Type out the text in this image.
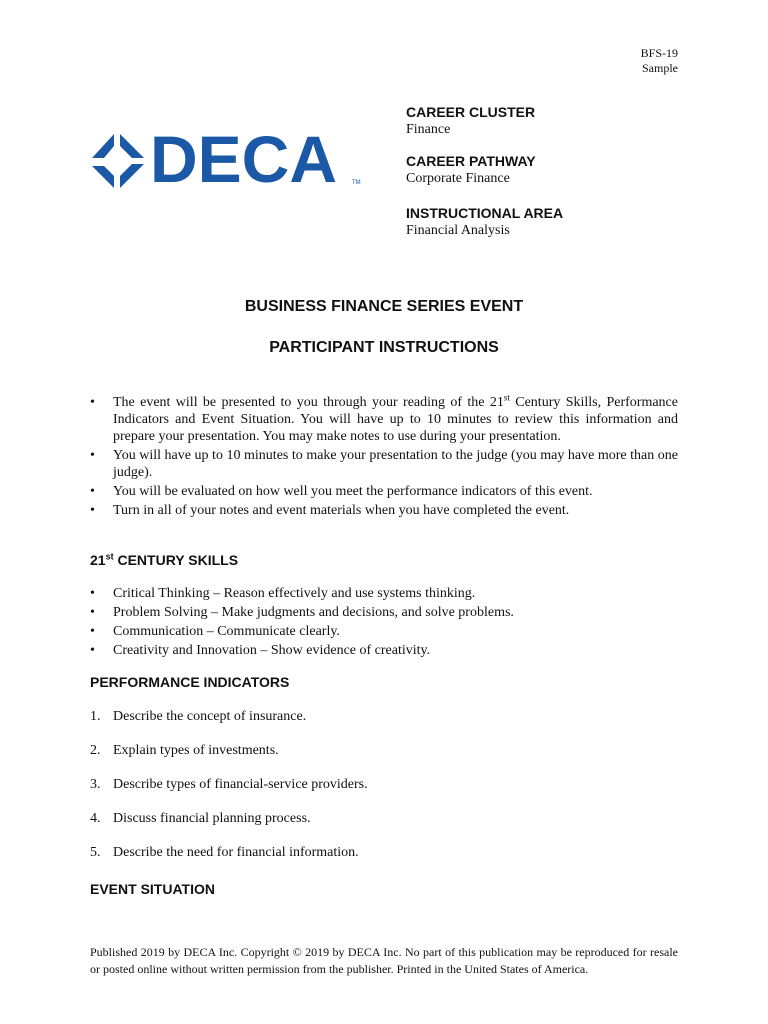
BFS-19
Sample
DECA TM
CAREER CLUSTER
Finance
CAREER PATHWAY
Corporate Finance
INSTRUCTIONAL AREA
Financial Analysis
BUSINESS FINANCE SERIES EVENT
PARTICIPANT INSTRUCTIONS
•	The event will be presented to you through your reading of the 21st Century Skills, Performance Indicators and Event Situation. You will have up to 10 minutes to review this information and prepare your presentation. You may make notes to use during your presentation.
•	You will have up to 10 minutes to make your presentation to the judge (you may have more than one judge).
•	You will be evaluated on how well you meet the performance indicators of this event.
•	Turn in all of your notes and event materials when you have completed the event.
21st CENTURY SKILLS
•	Critical Thinking – Reason effectively and use systems thinking.
•	Problem Solving – Make judgments and decisions, and solve problems.
•	Communication – Communicate clearly.
•	Creativity and Innovation – Show evidence of creativity.
PERFORMANCE INDICATORS
1. Describe the concept of insurance.
2. Explain types of investments.
3. Describe types of financial-service providers.
4. Discuss financial planning process.
5. Describe the need for financial information.
EVENT SITUATION
Published 2019 by DECA Inc. Copyright © 2019 by DECA Inc. No part of this publication may be reproduced for resale or posted online without written permission from the publisher. Printed in the United States of America.
